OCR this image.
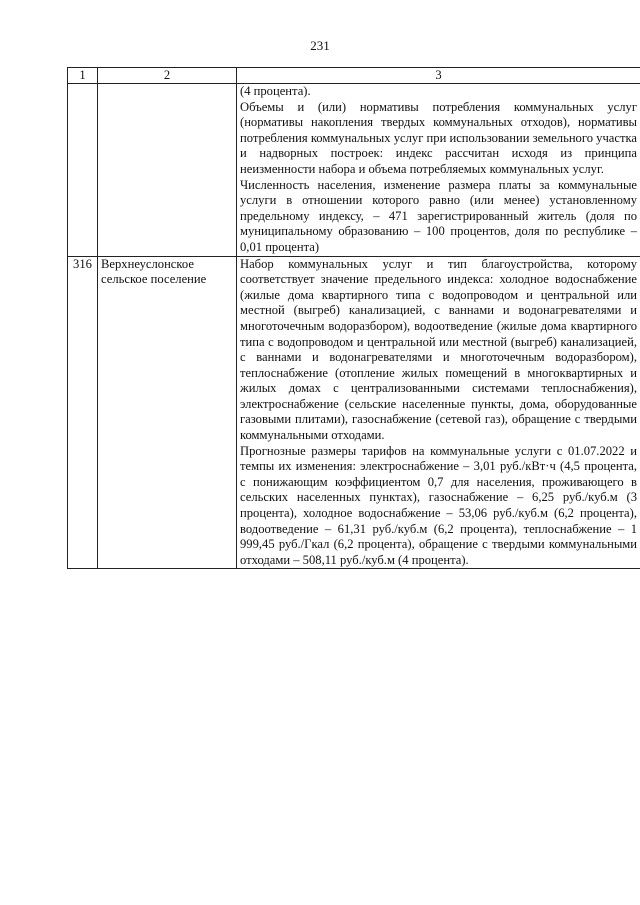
231
1	2	3

		(4 процента).

Объемы и (или) нормативы потребления коммунальных услуг (нормативы накопления твердых коммунальных отходов), нормативы потребления коммунальных услуг при использовании земельного участка и надворных построек: индекс рассчитан исходя из принципа неизменности набора и объема потребляемых коммунальных услуг.

Численность населения, изменение размера платы за коммунальные услуги в отношении которого равно (или менее) установленному предельному индексу, – 471 зарегистрированный житель (доля по муниципальному образованию – 100 процентов, доля по республике – 0,01 процента)

316	Верхнеуслонское сельское поселение	Набор коммунальных услуг и тип благоустройства, которому соответствует значение предельного индекса: холодное водоснабжение (жилые дома квартирного типа с водопроводом и центральной или местной (выгреб) канализацией, с ваннами и водонагревателями и многоточечным водоразбором), водоотведение (жилые дома квартирного типа с водопроводом и центральной или местной (выгреб) канализацией, с ваннами и водонагревателями и многоточечным водоразбором), теплоснабжение (отопление жилых помещений в многоквартирных и жилых домах с централизованными системами теплоснабжения), электроснабжение (сельские населенные пункты, дома, оборудованные газовыми плитами), газоснабжение (сетевой газ), обращение с твердыми коммунальными отходами.

Прогнозные размеры тарифов на коммунальные услуги с 01.07.2022 и темпы их изменения: электроснабжение – 3,01 руб./кВт·ч (4,5 процента, с понижающим коэффициентом 0,7 для населения, проживающего в сельских населенных пунктах), газоснабжение – 6,25 руб./куб.м (3 процента), холодное водоснабжение – 53,06 руб./куб.м (6,2 процента), водоотведение – 61,31 руб./куб.м (6,2 процента), теплоснабжение – 1 999,45 руб./Гкал (6,2 процента), обращение с твердыми коммунальными отходами – 508,11 руб./куб.м (4 процента).
